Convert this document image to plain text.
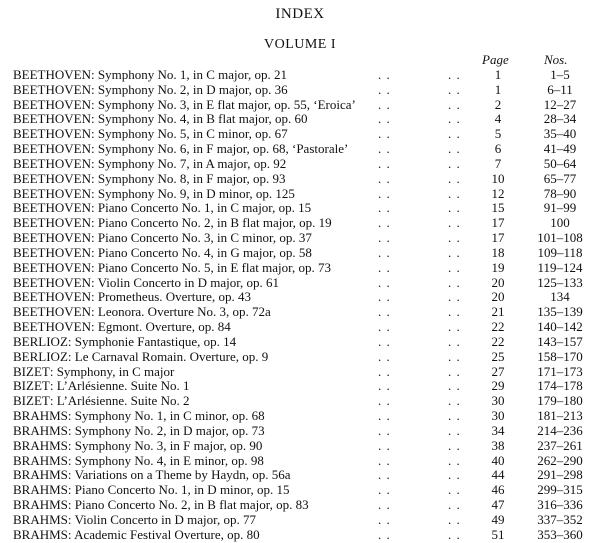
INDEX
VOLUME I
Page	Nos.
BEETHOVEN: Symphony No. 1, in C major, op. 21	. .	. .	1	1–5
BEETHOVEN: Symphony No. 2, in D major, op. 36	. .	. .	1	6–11
BEETHOVEN: Symphony No. 3, in E flat major, op. 55, ‘Eroica’ . .	. .	2	12–27
BEETHOVEN: Symphony No. 4, in B flat major, op. 60	. .	. .	4	28–34
BEETHOVEN: Symphony No. 5, in C minor, op. 67	. .	. .	5	35–40
BEETHOVEN: Symphony No. 6, in F major, op. 68, ‘Pastorale’ . .	. .	6	41–49
BEETHOVEN: Symphony No. 7, in A major, op. 92	. .	. .	7	50–64
BEETHOVEN: Symphony No. 8, in F major, op. 93	. .	. .	10	65–77
BEETHOVEN: Symphony No. 9, in D minor, op. 125	. .	. .	12	78–90
BEETHOVEN: Piano Concerto No. 1, in C major, op. 15	. .	. .	15	91–99
BEETHOVEN: Piano Concerto No. 2, in B flat major, op. 19	. .	. .	17	100
BEETHOVEN: Piano Concerto No. 3, in C minor, op. 37	. .	. .	17	101–108
BEETHOVEN: Piano Concerto No. 4, in G major, op. 58	. .	. .	18	109–118
BEETHOVEN: Piano Concerto No. 5, in E flat major, op. 73	. .	. .	19	119–124
BEETHOVEN: Violin Concerto in D major, op. 61	. .	. .	20	125–133
BEETHOVEN: Prometheus. Overture, op. 43	. .	. .	20	134
BEETHOVEN: Leonora. Overture No. 3, op. 72a	. .	. .	21	135–139
BEETHOVEN: Egmont. Overture, op. 84	. .	. .	22	140–142
BERLIOZ: Symphonie Fantastique, op. 14	. .	. .	22	143–157
BERLIOZ: Le Carnaval Romain. Overture, op. 9	. .	. .	25	158–170
BIZET: Symphony, in C major	. .	. .	27	171–173
BIZET: L’Arlésienne. Suite No. 1	. .	. .	29	174–178
BIZET: L’Arlésienne. Suite No. 2	. .	. .	30	179–180
BRAHMS: Symphony No. 1, in C minor, op. 68	. .	. .	30	181–213
BRAHMS: Symphony No. 2, in D major, op. 73	. .	. .	34	214–236
BRAHMS: Symphony No. 3, in F major, op. 90	. .	. .	38	237–261
BRAHMS: Symphony No. 4, in E minor, op. 98	. .	. .	40	262–290
BRAHMS: Variations on a Theme by Haydn, op. 56a	. .	. .	44	291–298
BRAHMS: Piano Concerto No. 1, in D minor, op. 15	. .	. .	46	299–315
BRAHMS: Piano Concerto No. 2, in B flat major, op. 83	. .	. .	47	316–336
BRAHMS: Violin Concerto in D major, op. 77	. .	. .	49	337–352
BRAHMS: Academic Festival Overture, op. 80	. .	. .	51	353–360
